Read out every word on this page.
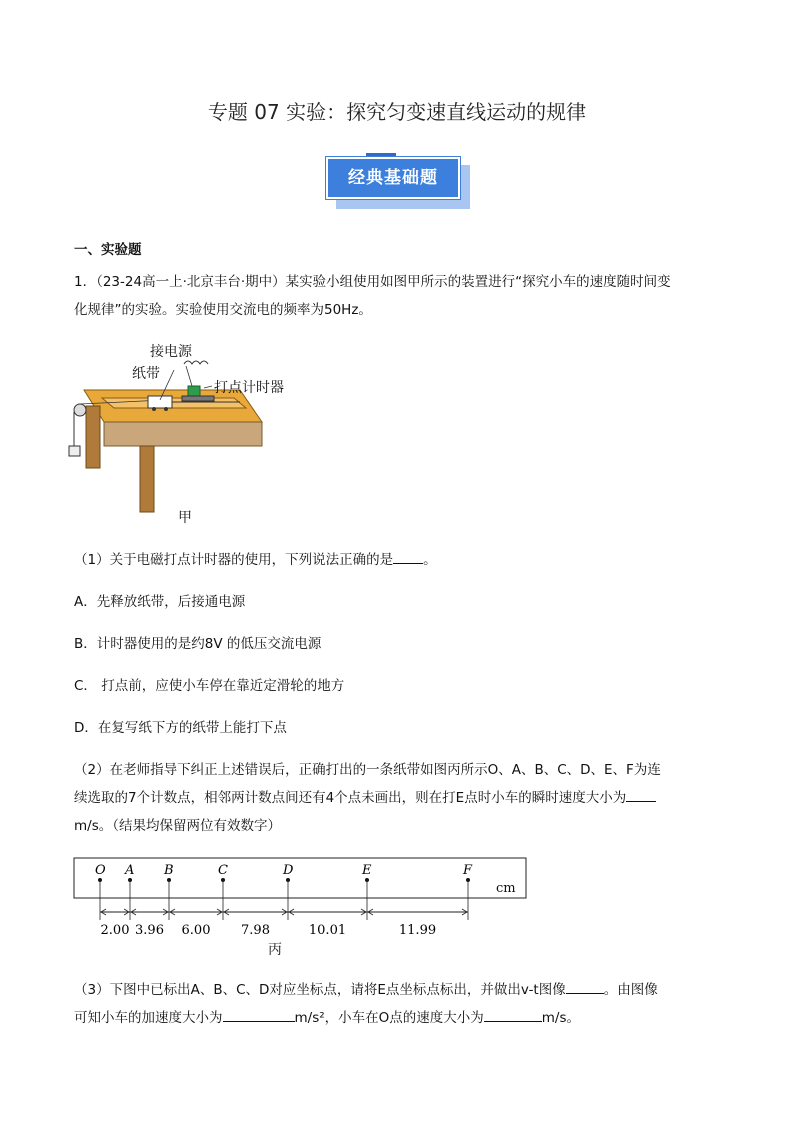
专题 07 实验：探究匀变速直线运动的规律
经典基础题
一、实验题
1．（23-24高一上·北京丰台·期中）某实验小组使用如图甲所示的装置进行“探究小车的速度随时间变
化规律”的实验。实验使用交流电的频率为50Hz。
接电源
纸带
打点计时器
甲
（1）关于电磁打点计时器的使用，下列说法正确的是 。
A．先释放纸带，后接通电源
B．计时器使用的是约8V 的低压交流电源
C． 打点前，应使小车停在靠近定滑轮的地方
D．在复写纸下方的纸带上能打下点
（2）在老师指导下纠正上述错误后，正确打出的一条纸带如图丙所示O、A、B、C、D、E、F为连
续选取的7个计数点，相邻两计数点间还有4个点未画出，则在打E点时小车的瞬时速度大小为
m/s。（结果均保留两位有效数字）
O A B	C	D	E	F
cm
2.00 3.96 6.00 7.98	10.01	11.99
丙
（3）下图中已标出A、B、C、D对应坐标点，请将E点坐标点标出，并做出v-t图像	。由图像
可知小车的加速度大小为	m/s²，小车在O点的速度大小为	m/s。
